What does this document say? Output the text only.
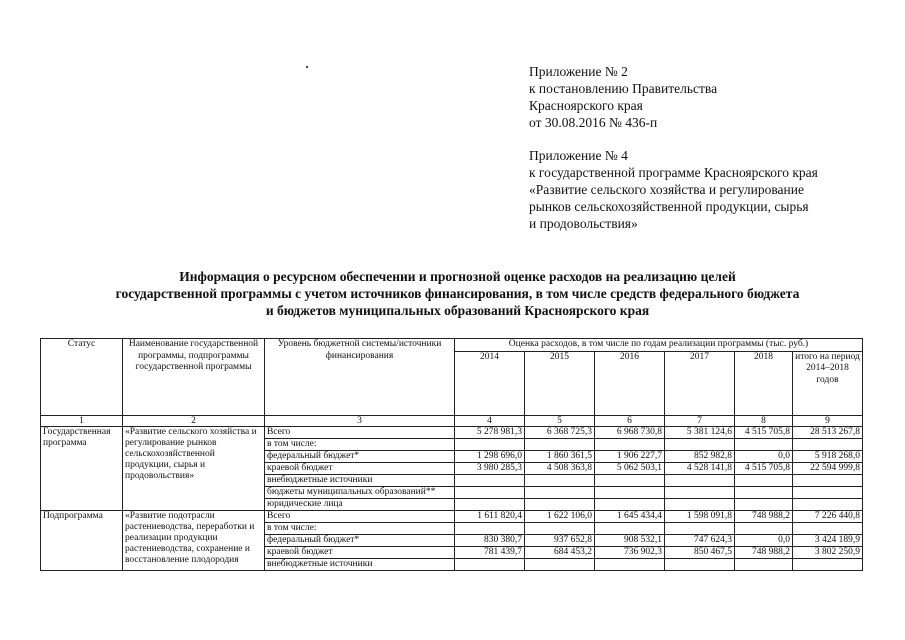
Приложение № 2
к постановлению Правительства
Красноярского края
от 30.08.2016 № 436-п
Приложение № 4
к государственной программе Красноярского края
«Развитие сельского хозяйства и регулирование
рынков сельскохозяйственной продукции, сырья
и продовольствия»
Информация о ресурсном обеспечении и прогнозной оценке расходов на реализацию целей
государственной программы с учетом источников финансирования, в том числе средств федерального бюджета
и бюджетов муниципальных образований Красноярского края
Статус	Наименование государственной программы, подпрограммы государственной программы	Уровень бюджетной системы/источники финансирования	Оценка расходов, в том числе по годам реализации программы (тыс. руб.)					
			2014	2015	2016	2017	2018	итого на период 2014–2018 годов
1	2	3	4	5	6	7	8	9
Государственная программа	«Развитие сельского хозяйства и регулирование рынков сельскохозяйственной продукции, сырья и продовольствия»	Всего	5 278 981,3	6 368 725,3	6 968 730,8	5 381 124,6	4 515 705,8	28 513 267,8
		в том числе:						
		федеральный бюджет*	1 298 696,0	1 860 361,5	1 906 227,7	852 982,8	0,0	5 918 268,0
		краевой бюджет	3 980 285,3	4 508 363,8	5 062 503,1	4 528 141,8	4 515 705,8	22 594 999,8
		внебюджетные источники						
		бюджеты муниципальных образований**						
		юридические лица						
Подпрограмма	«Развитие подотрасли растениеводства, переработки и реализации продукции растениеводства, сохранение и восстановление плодородия	Всего	1 611 820,4	1 622 106,0	1 645 434,4	1 598 091,8	748 988,2	7 226 440,8
		в том числе:						
		федеральный бюджет*	830 380,7	937 652,8	908 532,1	747 624,3	0,0	3 424 189,9
		краевой бюджет	781 439,7	684 453,2	736 902,3	850 467,5	748 988,2	3 802 250,9
		внебюджетные источники						
